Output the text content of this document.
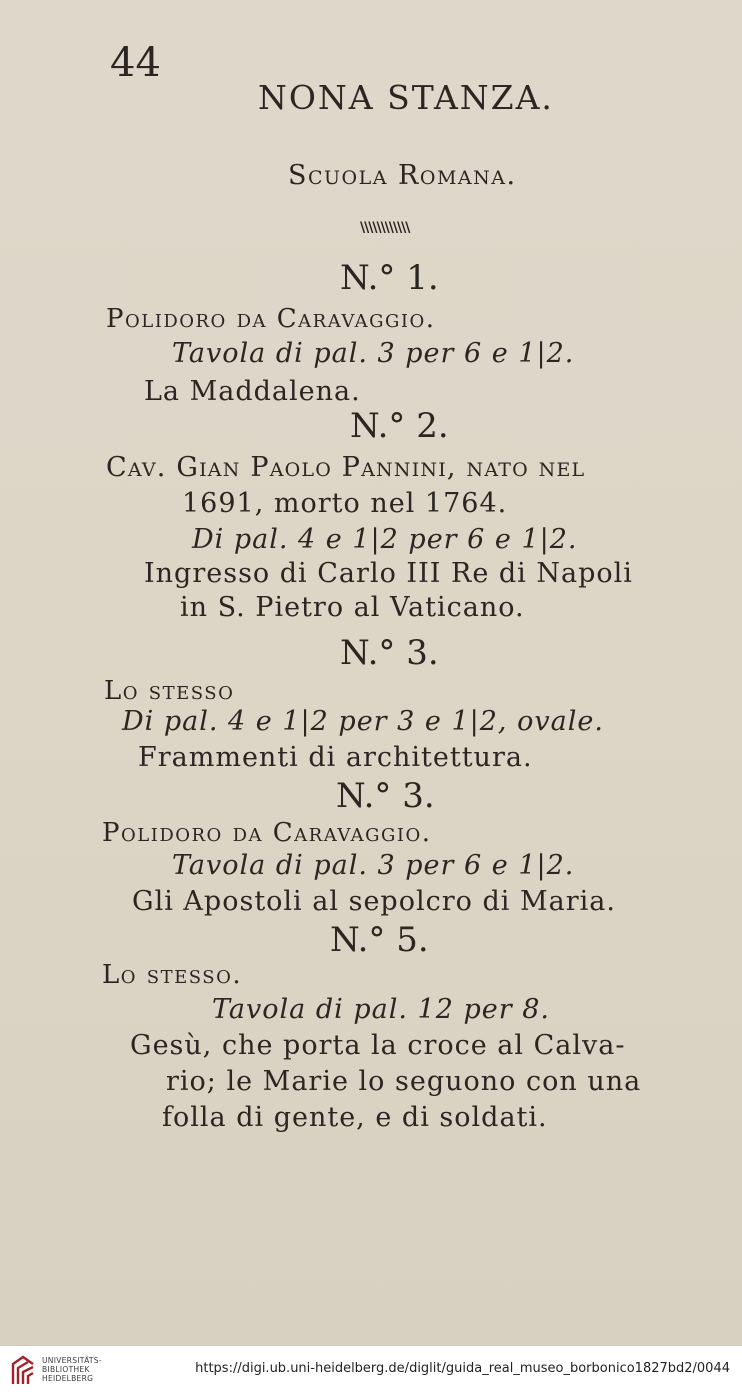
44
NONA STANZA.
Scuola Romana.
\\\\\\\\\\\\
N.° 1.
Polidoro da Caravaggio.
Tavola di pal. 3 per 6 e 1|2.
La Maddalena.
N.° 2.
Cav. Gian Paolo Pannini, nato nel
1691, morto nel 1764.
Di pal. 4 e 1|2 per 6 e 1|2.
Ingresso di Carlo III Re di Napoli
in S. Pietro al Vaticano.
N.° 3.
Lo stesso
Di pal. 4 e 1|2 per 3 e 1|2, ovale.
Frammenti di architettura.
N.° 3.
Polidoro da Caravaggio.
Tavola di pal. 3 per 6 e 1|2.
Gli Apostoli al sepolcro di Maria.
N.° 5.
Lo stesso.
Tavola di pal. 12 per 8.
Gesù, che porta la croce al Calva-
rio; le Marie lo seguono con una
folla di gente, e di soldati.
UNIVERSITÄTS-
BIBLIOTHEK
HEIDELBERG
https://digi.ub.uni-heidelberg.de/diglit/guida_real_museo_borbonico1827bd2/0044
